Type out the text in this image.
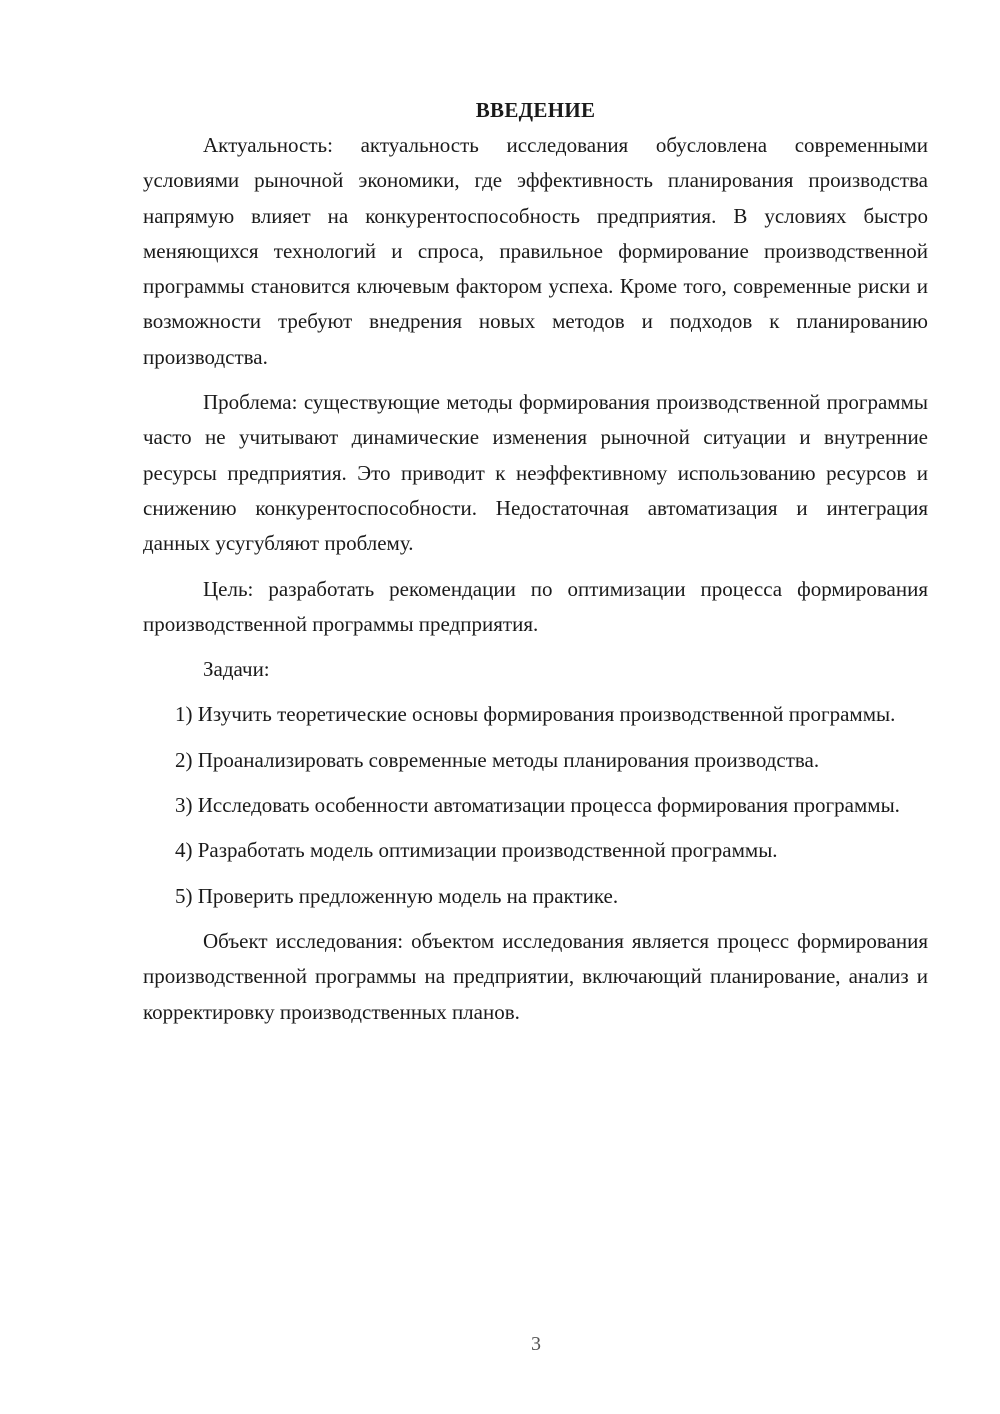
ВВЕДЕНИЕ

Актуальность: актуальность исследования обусловлена современными условиями рыночной экономики, где эффективность планирования производства напрямую влияет на конкурентоспособность предприятия. В условиях быстро меняющихся технологий и спроса, правильное формирование производственной программы становится ключевым фактором успеха. Кроме того, современные риски и возможности требуют внедрения новых методов и подходов к планированию производства.

Проблема: существующие методы формирования производственной программы часто не учитывают динамические изменения рыночной ситуации и внутренние ресурсы предприятия. Это приводит к неэффективному использованию ресурсов и снижению конкурентоспособности. Недостаточная автоматизация и интеграция данных усугубляют проблему.

Цель: разработать рекомендации по оптимизации процесса формирования производственной программы предприятия.

Задачи:

1) Изучить теоретические основы формирования производственной программы.

2) Проанализировать современные методы планирования производства.

3) Исследовать особенности автоматизации процесса формирования программы.

4) Разработать модель оптимизации производственной программы.

5) Проверить предложенную модель на практике.

Объект исследования: объектом исследования является процесс формирования производственной программы на предприятии, включающий планирование, анализ и корректировку производственных планов.

3
